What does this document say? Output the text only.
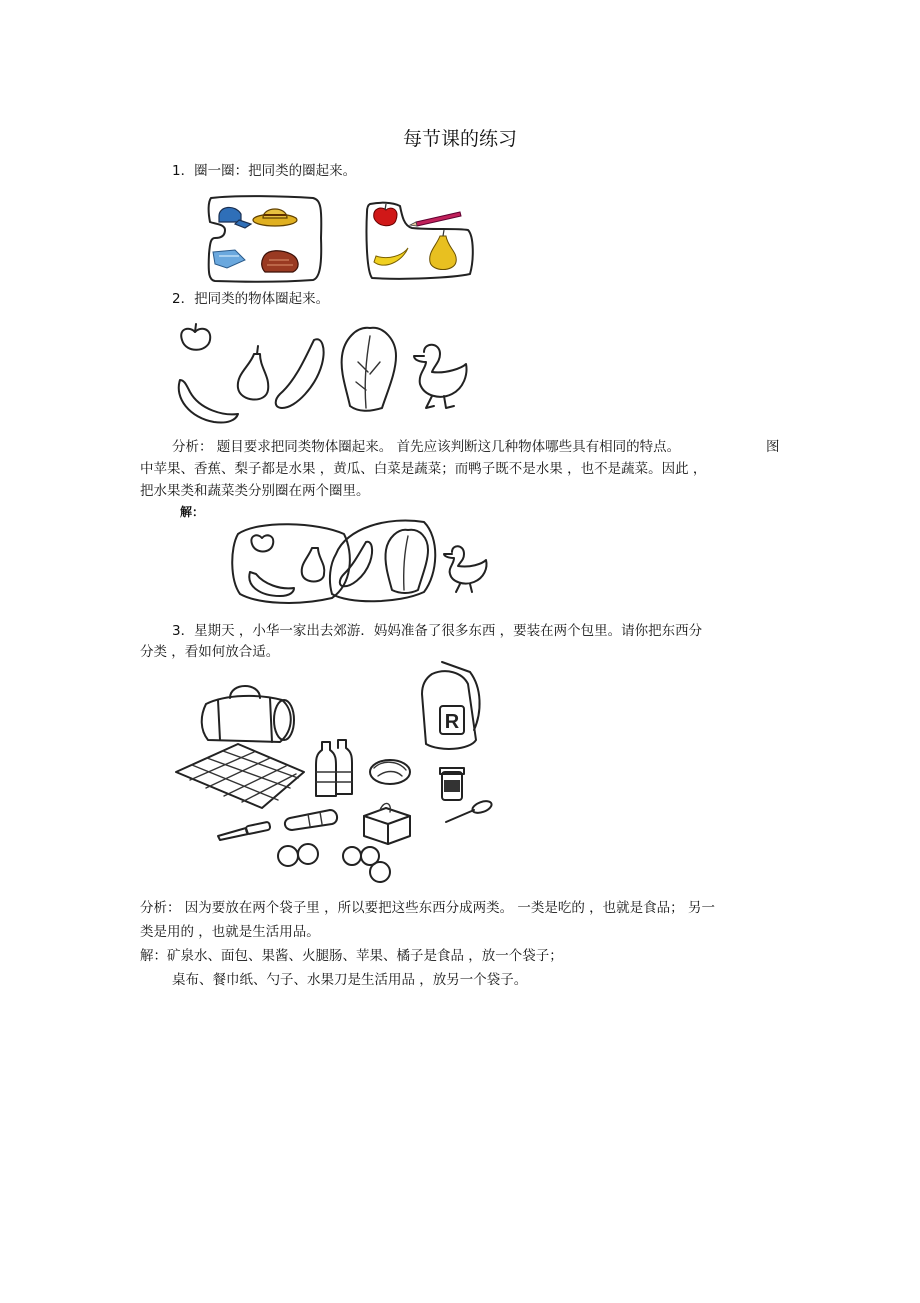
每节课的练习
1．圈一圈：把同类的圈起来。
2．把同类的物体圈起来。
分析： 题目要求把同类物体圈起来。 首先应该判断这几种物体哪些具有相同的特点。	图
中苹果、香蕉、梨子都是水果 ，黄瓜、白菜是蔬菜；而鸭子既不是水果 ，也不是蔬菜。因此 ，
把水果类和蔬菜类分别圈在两个圈里。
解：
3．星期天 ，小华一家出去郊游．妈妈准备了很多东西 ，要装在两个包里。请你把东西分
分类 ，看如何放合适。
R
分析： 因为要放在两个袋子里 ，所以要把这些东西分成两类。 一类是吃的 ，也就是食品； 另一
类是用的 ，也就是生活用品。
解：矿泉水、面包、果酱、火腿肠、苹果、橘子是食品 ，放一个袋子；
桌布、餐巾纸、勺子、水果刀是生活用品 ，放另一个袋子。
